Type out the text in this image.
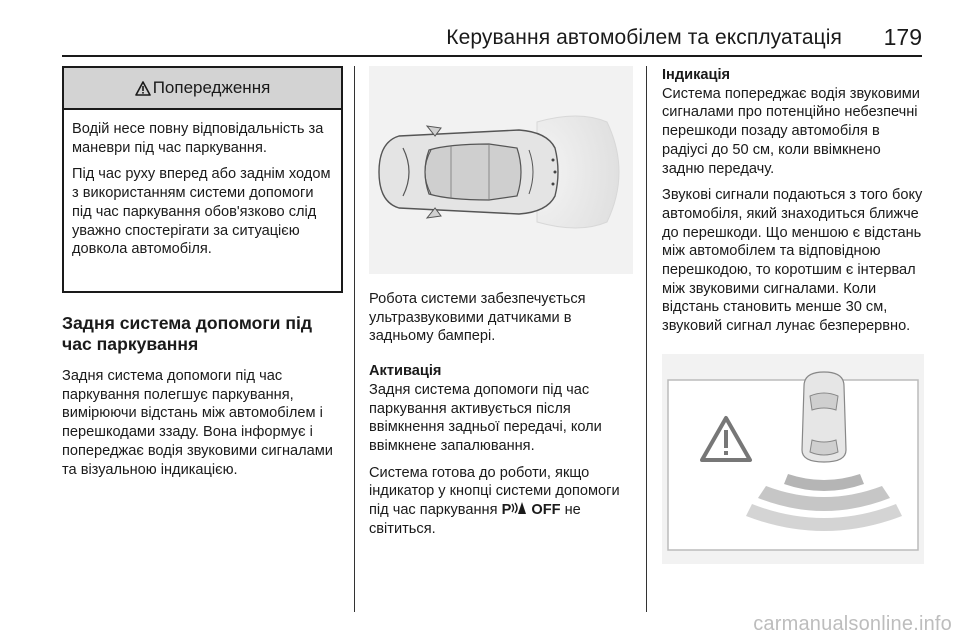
Керування автомобілем та експлуатація 179
Попередження

Водій несе повну відповідальність за маневри під час паркування.

Під час руху вперед або заднім ходом з використанням системи допомоги під час паркування обов'язково слід уважно спостерігати за ситуацією довкола автомобіля.

Задня система допомоги під час паркування

Задня система допомоги під час паркування полегшує паркування, вимірюючи відстань між автомобілем і перешкодами ззаду. Вона інформує і попереджає водія звуковими сигналами та візуальною індикацією.

Робота системи забезпечується ультразвуковими датчиками в задньому бампері.

Активація

Задня система допомоги під час паркування активується після ввімкнення задньої передачі, коли ввімкнене запалювання.

Система готова до роботи, якщо індикатор у кнопці системи допомоги під час паркування P OFF не світиться.

Індикація

Система попереджає водія звуковими сигналами про потенційно небезпечні перешкоди позаду автомобіля в радіусі до 50 см, коли ввімкнено задню передачу.

Звукові сигнали подаються з того боку автомобіля, який знаходиться ближче до перешкоди. Що меншою є відстань між автомобілем та відповідною перешкодою, то коротшим є інтервал між звуковими сигналами. Коли відстань становить менше 30 см, звуковий сигнал лунає безперервно.

carmanualsonline.info
